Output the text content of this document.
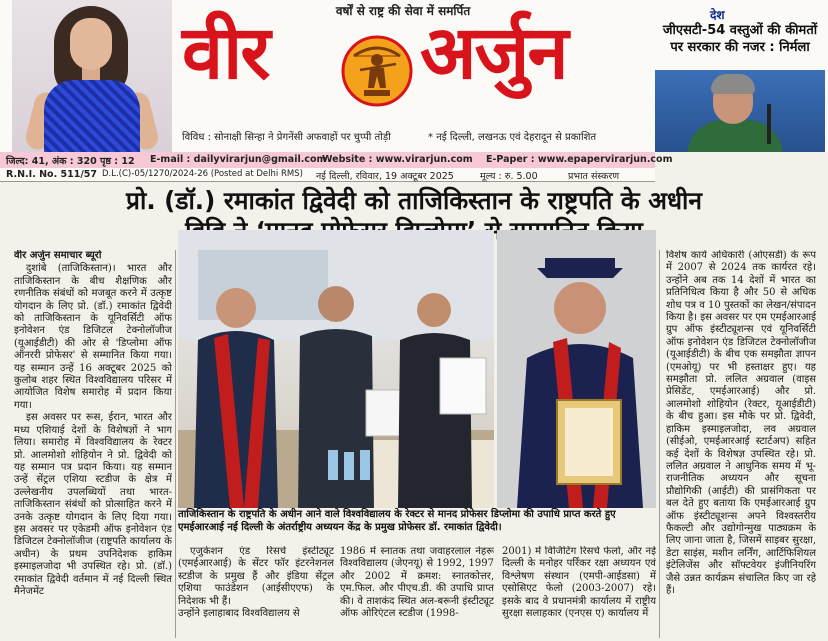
वर्षों से राष्ट्र की सेवा में समर्पित
वीर अर्जुन	देश
जीएसटी-54 वस्तुओं की कीमतों पर सरकार की नजर : निर्मला
विविध : सोनाक्षी सिन्हा ने प्रेगनेंसी अफवाहों पर चुप्पी तोड़ी	* नई दिल्ली, लखनऊ एवं देहरादून से प्रकाशित
जिल्द: 41, अंक : 320 पृष्ठ : 12 E-mail : dailyvirarjun@gmail.com
Website : www.virarjun.com E-Paper : www.epapervirarjun.com
R.N.I. No. 511/57 D.L.(C)-05/1270/2024-26 (Posted at Delhi RMS) नई दिल्ली, रविवार, 19 अक्टूबर 2025	मूल्य : रु. 5.00	प्रभात संस्करण
प्रो. (डॉ.) रमाकांत द्विवेदी को ताजिकिस्तान के राष्ट्रपति के अधीन
वीर अर्जुन समाचार ब्यूरो

दुशांबे (ताजिकिस्तान)। भारत और ताजिकिस्तान के बीच शैक्षणिक और रणनीतिक संबंधों को मजबूत करने में उत्कृष्ट योगदान के लिए प्रो. (डॉ.) रमाकांत द्विवेदी को ताजिकिस्तान के यूनिवर्सिटी ऑफ इनोवेशन एंड डिजिटल टेक्नोलॉजीज (यूआईडीटी) की ओर से 'डिप्लोमा ऑफ ऑनररी प्रोफेसर' से सम्मानित किया गया। यह सम्मान उन्हें 16 अक्टूबर 2025 को कुलोब शहर स्थित विश्वविद्यालय परिसर में आयोजित विशेष समारोह में प्रदान किया गया।

इस अवसर पर रूस, ईरान, भारत और मध्य एशियाई देशों के विशेषज्ञों ने भाग लिया। समारोह में विश्वविद्यालय के रेक्टर प्रो. आलमोशो शोहियोन ने प्रो. द्विवेदी को यह सम्मान पत्र प्रदान किया। यह सम्मान उन्हें सेंट्रल एशिया स्टडीज के क्षेत्र में उल्लेखनीय उपलब्धियों तथा भारत-ताजिकिस्तान संबंधों को प्रोत्साहित करने में उनके उत्कृष्ट योगदान के लिए दिया गया। इस अवसर पर एकेडमी ऑफ इनोवेशन एंड डिजिटल टेक्नोलॉजीज (राष्ट्रपति कार्यालय के अधीन) के प्रथम उपनिदेशक हाकिम इस्माइलजोदा भी उपस्थित रहे। प्रो. (डॉ.) रमाकांत द्विवेदी वर्तमान में नई दिल्ली स्थित मैनेजमेंट

ताजिकिस्तान के राष्ट्रपति के अधीन आने वाले विश्वविद्यालय के रेक्टर से मानद प्रोफेसर डिप्लोमा की उपाधि प्राप्त करते हुए एमईआरआई नई दिल्ली के अंतर्राष्ट्रीय अध्ययन केंद्र के प्रमुख प्रोफेसर डॉ. रमाकांत द्विवेदी।

एजुकेशन एंड रिसर्च इंस्टीट्यूट (एमईआरआई) के सेंटर फॉर इंटरनेशनल स्टडीज के प्रमुख हैं और इंडिया सेंट्रल एशिया फाउंडेशन (आईसीएएफ) के निदेशक भी हैं।
उन्होंने इलाहाबाद विश्वविद्यालय से

1986 में स्नातक तथा जवाहरलाल नेहरू विश्वविद्यालय (जेएनयू) से 1992, 1997 और 2002 में क्रमश: स्नातकोत्तर, एम.फिल. और पीएच.डी. की उपाधि प्राप्त की। वे ताशकंद स्थित अल-बरूनी इंस्टीट्यूट ऑफ ओरिएंटल स्टडीज (1998-

2001) में विजिटिंग रिसर्च फेलो, और नई दिल्ली के मनोहर पर्रिकर रक्षा अध्ययन एवं विश्लेषण संस्थान (एमपी-आईडसा) में एसोसिएट फेलो (2003-2007) रहे। इसके बाद वे प्रधानमंत्री कार्यालय में राष्ट्रीय सुरक्षा सलाहकार (एनएस ए) कार्यालय में

विशेष कार्य अधिकारी (ओएसडी) के रूप में 2007 से 2024 तक कार्यरत रहे। उन्होंने अब तक 14 देशों में भारत का प्रतिनिधित्व किया है और 50 से अधिक शोध पत्र व 10 पुस्तकों का लेखन/संपादन किया है। इस अवसर पर एम एमईआरआई ग्रुप ऑफ इंस्टीट्यूशन्स एवं यूनिवर्सिटी ऑफ इनोवेशन एंड डिजिटल टेक्नोलॉजीज (यूआईडीटी) के बीच एक समझौता ज्ञापन (एमओयू) पर भी हस्ताक्षर हुए। यह समझौता प्रो. ललित अग्रवाल (वाइस प्रेसिडेंट, एमईआरआई) और प्रो. आलमोशो शोहियोन (रेक्टर, यूआईडीटी) के बीच हुआ। इस मौके पर प्रो. द्विवेदी, हाकिम इस्माइलजोदा, लव अग्रवाल (सीईओ, एमईआरआई स्टार्टअप) सहित कई देशों के विशेषज्ञ उपस्थित रहे। प्रो. ललित अग्रवाल ने आधुनिक समय में भू-राजनीतिक अध्ययन और सूचना प्रौद्योगिकी (आईटी) की प्रासंगिकता पर बल देते हुए बताया कि एमईआरआई ग्रुप ऑफ इंस्टीट्यूशन्स अपने विश्वस्तरीय फैकल्टी और उद्योगोन्मुख पाठ्यक्रम के लिए जाना जाता है, जिसमें साइबर सुरक्षा, डेटा साइंस, मशीन लर्निंग, आर्टिफिशियल इंटेलिजेंस और सॉफ्टवेयर इंजीनियरिंग जैसे उन्नत कार्यक्रम संचालित किए जा रहे हैं।
